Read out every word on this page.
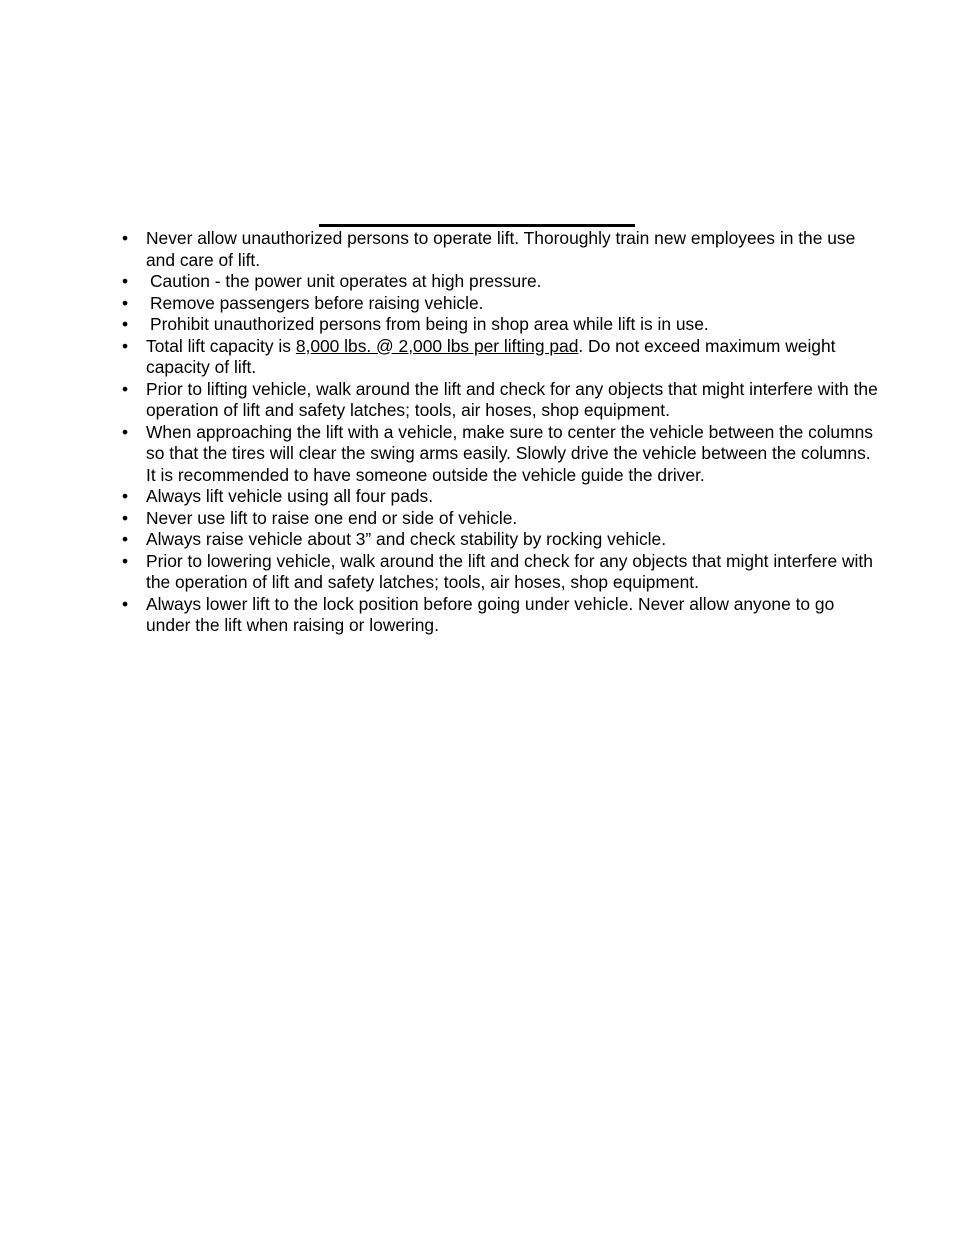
•	Never allow unauthorized persons to operate lift. Thoroughly train new employees in the use and care of lift.
•	Caution - the power unit operates at high pressure.
•	Remove passengers before raising vehicle.
•	Prohibit unauthorized persons from being in shop area while lift is in use.
•	Total lift capacity is 8,000 lbs. @ 2,000 lbs per lifting pad. Do not exceed maximum weight capacity of lift.
•	Prior to lifting vehicle, walk around the lift and check for any objects that might interfere with the operation of lift and safety latches; tools, air hoses, shop equipment.
•	When approaching the lift with a vehicle, make sure to center the vehicle between the columns so that the tires will clear the swing arms easily. Slowly drive the vehicle between the columns. It is recommended to have someone outside the vehicle guide the driver.
•	Always lift vehicle using all four pads.
•	Never use lift to raise one end or side of vehicle.
•	Always raise vehicle about 3” and check stability by rocking vehicle.
•	Prior to lowering vehicle, walk around the lift and check for any objects that might interfere with the operation of lift and safety latches; tools, air hoses, shop equipment.
•	Always lower lift to the lock position before going under vehicle. Never allow anyone to go under the lift when raising or lowering.
